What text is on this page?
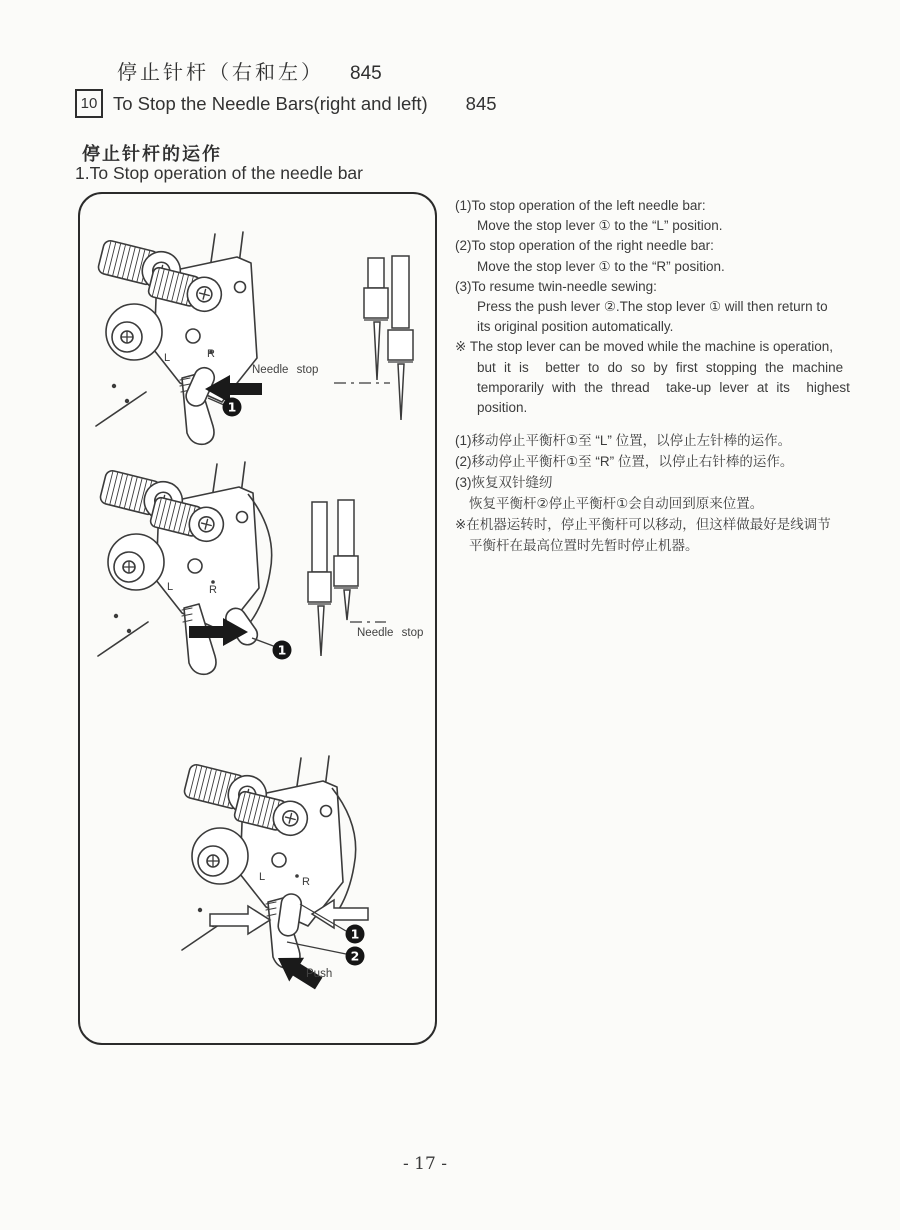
10
停止针杆（右和左） 845
To Stop the Needle Bars(right and left) 845
停止针杆的运作
1.To Stop operation of the needle bar
L	R
1
Needle stop
L	R
1
Needle stop
L	R
1
2
Push
(1)To stop operation of the left needle bar:
Move the stop lever ① to the “L” position.
(2)To stop operation of the right needle bar:
Move the stop lever ① to the “R” position.
(3)To resume twin-needle sewing:
Press the push lever ②.The stop lever ① will then return to
its original position automatically.
※ The stop lever can be moved while the machine is operation,
but it is  better to do so by first stopping the machine
temporarily with the thread  take-up lever at its  highest
position.
(1)移动停止平衡杆①至 “L” 位置，以停止左针棒的运作。
(2)移动停止平衡杆①至 “R” 位置，以停止右针棒的运作。
(3)恢复双针缝纫
恢复平衡杆②停止平衡杆①会自动回到原来位置。
※在机器运转时，停止平衡杆可以移动，但这样做最好是线调节
平衡杆在最高位置时先暂时停止机器。
- 17 -
